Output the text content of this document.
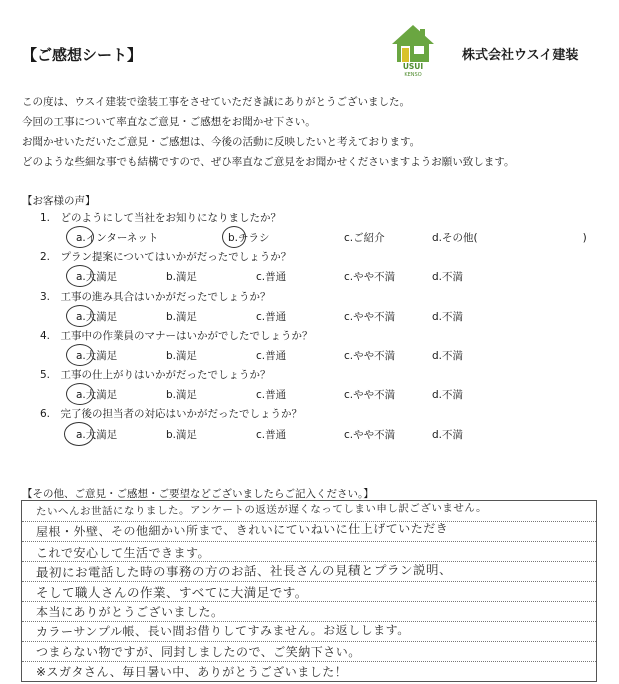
【ご感想シート】
USUI
KENSO
株式会社ウスイ建装
この度は、ウスイ建装で塗装工事をさせていただき誠にありがとうございました。
今回の工事について率直なご意見・ご感想をお聞かせ下さい。
お聞かせいただいたご意見・ご感想は、今後の活動に反映したいと考えております。
どのような些細な事でも結構ですので、ぜひ率直なご意見をお聞かせくださいますようお願い致します。
【お客様の声】
1.　どのようにして当社をお知りになりましたか？
a.インターネット	b.チラシ	c.ご紹介	d.その他(　　　　　　　　　　)
2.　プラン提案についてはいかがだったでしょうか？
a.大満足	b.満足	c.普通	c.やや不満	d.不満
3.　工事の進み具合はいかがだったでしょうか？
a.大満足	b.満足	c.普通	c.やや不満	d.不満
4.　工事中の作業員のマナーはいかがでしたでしょうか？
a.大満足	b.満足	c.普通	c.やや不満	d.不満
5.　工事の仕上がりはいかがだったでしょうか？
a.大満足	b.満足	c.普通	c.やや不満	d.不満
6.　完了後の担当者の対応はいかがだったでしょうか？
a.大満足	b.満足	c.普通	c.やや不満	d.不満
【その他、ご意見・ご感想・ご要望などございましたらご記入ください。】
たいへんお世話になりました。アンケートの返送が遅くなってしまい申し訳ございません。
屋根・外壁、その他細かい所まで、きれいにていねいに仕上げていただき
これで安心して生活できます。
最初にお電話した時の事務の方のお話、社長さんの見積とプラン説明、
そして職人さんの作業、すべてに大満足です。
本当にありがとうございました。
カラーサンプル帳、長い間お借りしてすみません。お返しします。
つまらない物ですが、同封しましたので、ご笑納下さい。
※スガタさん、毎日暑い中、ありがとうございました！
